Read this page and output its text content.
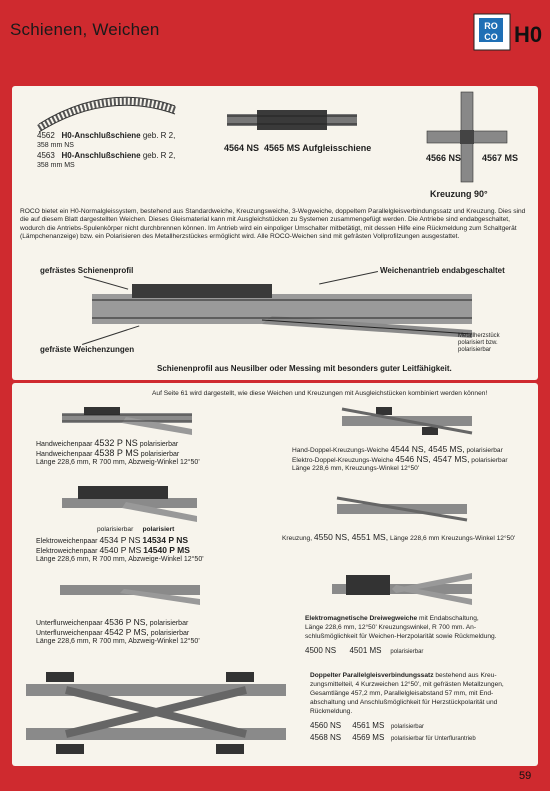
Schienen, Weichen	RO
CO H0
4562 H0-Anschlußschiene geb. R 2,
358 mm NS
4563 H0-Anschlußschiene geb. R 2,
358 mm MS
4564 NS 4565 MS Aufgleisschiene
4566 NS 4567 MS
Kreuzung 90°
ROCO bietet ein H0-Normalgleissystem, bestehend aus Standardweiche, Kreuzungsweiche, 3-Wegweiche, doppeltem Parallelgleisverbindungssatz und Kreuzung. Dies sind die auf diesem Blatt dargestellten Weichen. Dieses Gleismaterial kann mit Ausgleichstücken zu Systemen zusammengefügt werden. Die Antriebe sind endabgeschaltet, wodurch die Antriebs-Spulenkörper nicht durchbrennen können. Im Antrieb wird ein einpoliger Umschalter mitbetätigt, mit dessen Hilfe eine Rückmeldung zum Schaltgerät (Lämpchenanzeige) bzw. ein Polarisieren des Metallherzstückes ermöglicht wird. Alle ROCO-Weichen sind mit gefrästen Vollprofilzungen ausgestattet.
gefrästes Schienenprofil	Weichenantrieb endabgeschaltet
gefräste Weichenzungen
Metallherzstück
polarisiert bzw.
polarisierbar
Schienenprofil aus Neusilber oder Messing mit besonders guter Leitfähigkeit.
Auf Seite 61 wird dargestellt, wie diese Weichen und Kreuzungen mit Ausgleichstücken kombiniert werden können!
Handweichenpaar 4532 P NS polarisierbar
Handweichenpaar 4538 P MS polarisierbar
Länge 228,6 mm, R 700 mm, Abzweig-Winkel 12°50'
Hand-Doppel-Kreuzungs-Weiche 4544 NS, 4545 MS, polarisierbar
Elektro-Doppel-Kreuzungs-Weiche 4546 NS, 4547 MS, polarisierbar
Länge 228,6 mm, Kreuzungs-Winkel 12°50'
polarisierbar polarisiert
Elektroweichenpaar 4534 P NS 14534 P NS
Elektroweichenpaar 4540 P MS 14540 P MS
Länge 228,6 mm, R 700 mm, Abzweige-Winkel 12°50'
Kreuzung, 4550 NS, 4551 MS, Länge 228,6 mm Kreuzungs-Winkel 12°50'
Unterflurweichenpaar 4536 P NS, polarisierbar
Unterflurweichenpaar 4542 P MS, polarisierbar
Länge 228,6 mm, R 700 mm, Abzweig-Winkel 12°50'
Elektromagnetische Dreiwegweiche mit Endabschaltung,
Länge 228,6 mm, 12°50' Kreuzungswinkel, R 700 mm. An-
schlußmöglichkeit für Weichen-Herzpolarität sowie Rückmeldung.
4500 NS 4501 MS polarisierbar
Doppelter Parallelgleisverbindungssatz bestehend aus Kreu-
zungsmittelteil, 4 Kurzweichen 12°50', mit gefrästen Metallzungen,
Gesamtlänge 457,2 mm, Parallelgleisabstand 57 mm, mit End-
abschaltung und Anschlußmöglichkeit für Herzstückpolarität und
Rückmeldung.
4560 NS 4561 MS polarisierbar
4568 NS 4569 MS polarisierbar für Unterflurantrieb
59
